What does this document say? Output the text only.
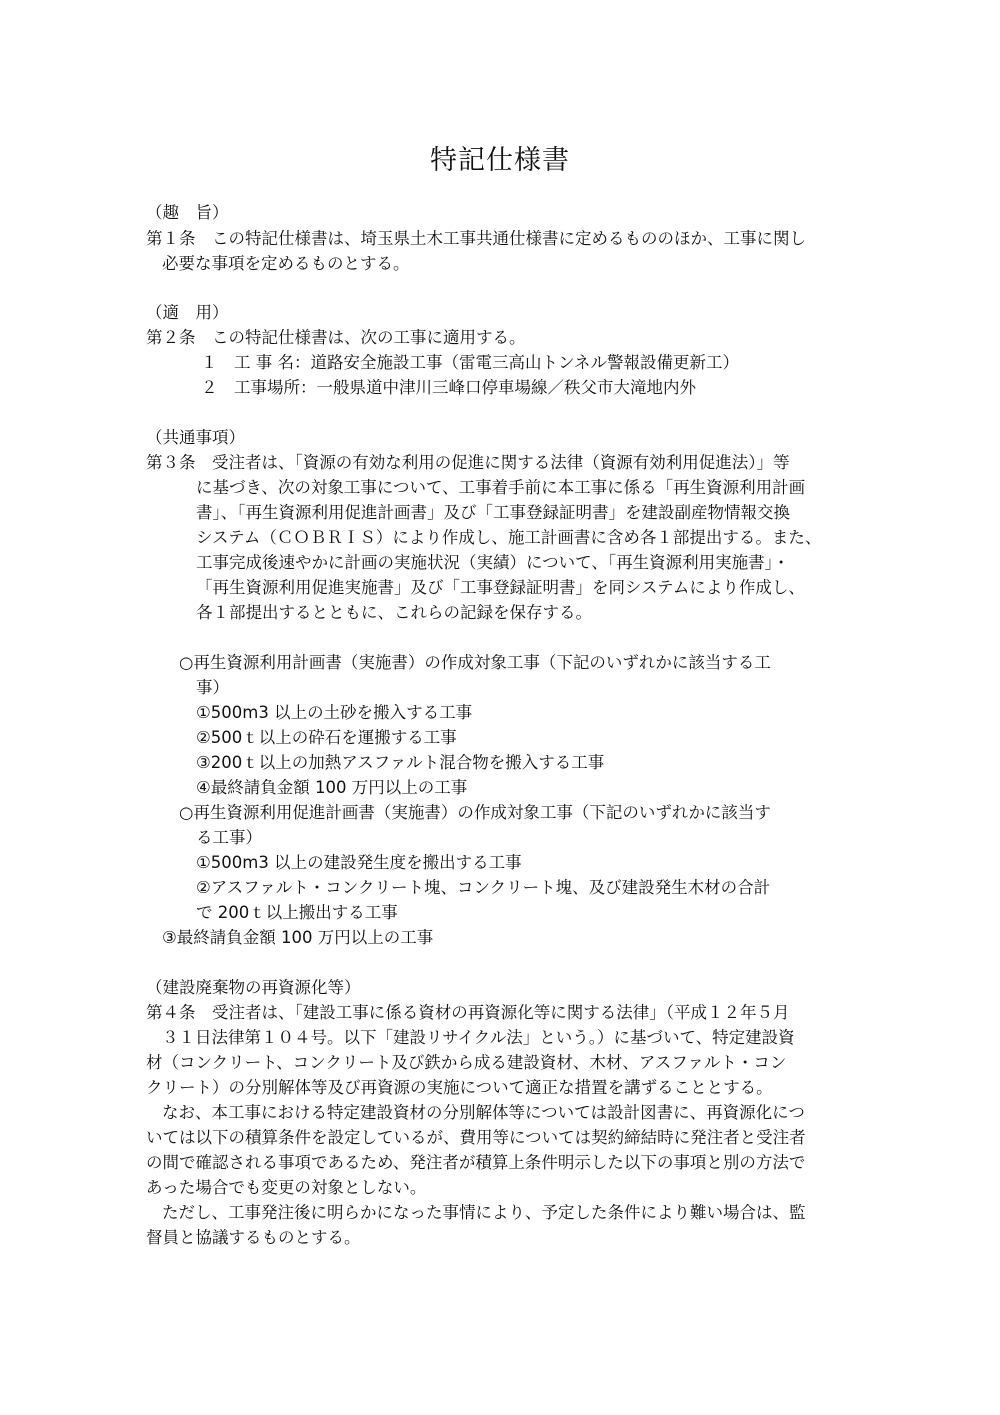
特記仕様書
（趣　旨）
第１条　この特記仕様書は、埼玉県土木工事共通仕様書に定めるもののほか、工事に関し
必要な事項を定めるものとする。
（適　用）
第２条　この特記仕様書は、次の工事に適用する。
１　工 事 名：道路安全施設工事（雷電三高山トンネル警報設備更新工）
２　工事場所：一般県道中津川三峰口停車場線／秩父市大滝地内外
（共通事項）
第３条　受注者は、「資源の有効な利用の促進に関する法律（資源有効利用促進法）」等
に基づき、次の対象工事について、工事着手前に本工事に係る「再生資源利用計画
書」、「再生資源利用促進計画書」及び「工事登録証明書」を建設副産物情報交換
システム（ＣＯＢＲＩＳ）により作成し、施工計画書に含め各１部提出する。また、
工事完成後速やかに計画の実施状況（実績）について、「再生資源利用実施書」・
「再生資源利用促進実施書」及び「工事登録証明書」を同システムにより作成し、
各１部提出するとともに、これらの記録を保存する。
○再生資源利用計画書（実施書）の作成対象工事（下記のいずれかに該当する工
事）
①500m3 以上の土砂を搬入する工事
②500ｔ以上の砕石を運搬する工事
③200ｔ以上の加熱アスファルト混合物を搬入する工事
④最終請負金額 100 万円以上の工事
○再生資源利用促進計画書（実施書）の作成対象工事（下記のいずれかに該当す
る工事）
①500m3 以上の建設発生度を搬出する工事
②アスファルト・コンクリート塊、コンクリート塊、及び建設発生木材の合計
で 200ｔ以上搬出する工事
③最終請負金額 100 万円以上の工事
（建設廃棄物の再資源化等）
第４条　受注者は、「建設工事に係る資材の再資源化等に関する法律」（平成１２年５月
３１日法律第１０４号。以下「建設リサイクル法」という。）に基づいて、特定建設資
材（コンクリート、コンクリート及び鉄から成る建設資材、木材、アスファルト・コン
クリート）の分別解体等及び再資源の実施について適正な措置を講ずることとする。
なお、本工事における特定建設資材の分別解体等については設計図書に、再資源化につ
いては以下の積算条件を設定しているが、費用等については契約締結時に発注者と受注者
の間で確認される事項であるため、発注者が積算上条件明示した以下の事項と別の方法で
あった場合でも変更の対象としない。
ただし、工事発注後に明らかになった事情により、予定した条件により難い場合は、監
督員と協議するものとする。
